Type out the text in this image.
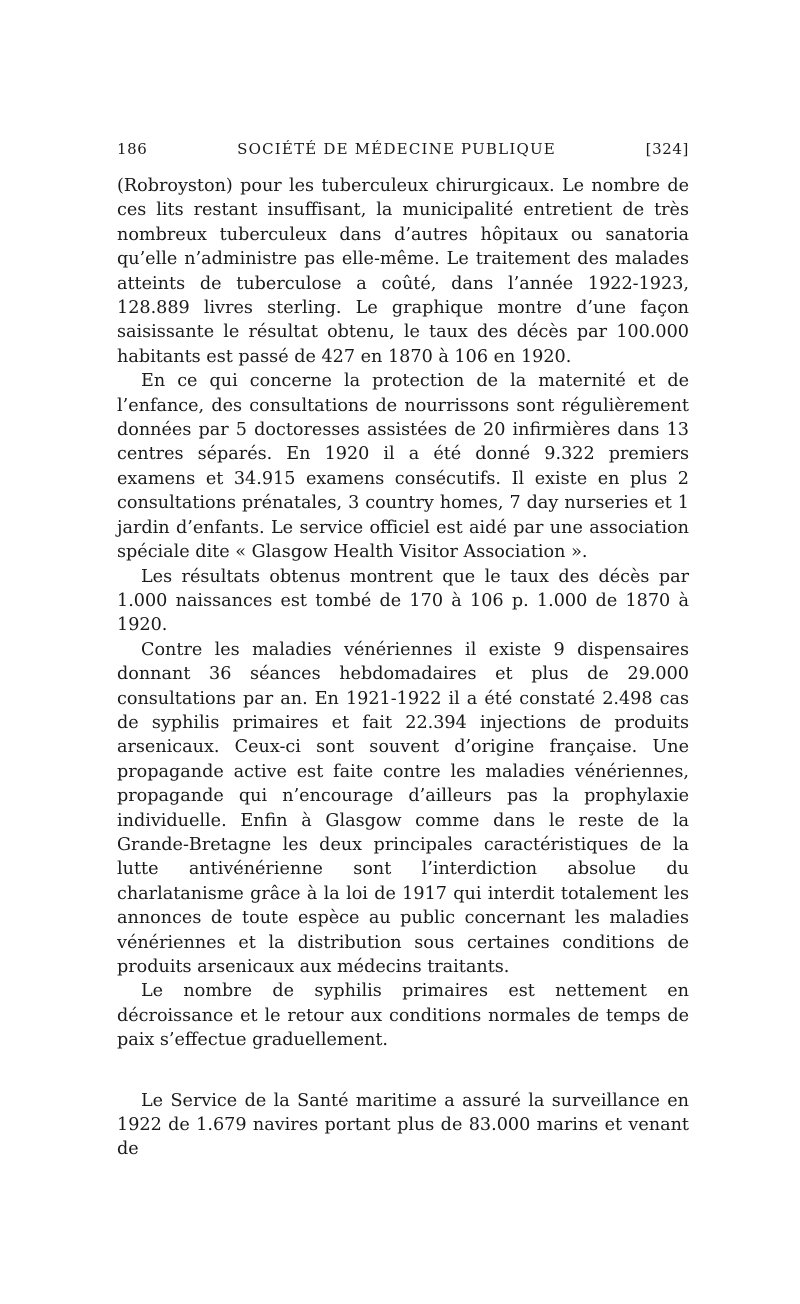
186	SOCIÉTÉ DE MÉDECINE PUBLIQUE	[324]

(Robroyston) pour les tuberculeux chirurgicaux. Le nombre de ces lits restant insuffisant, la municipalité entretient de très nombreux tuberculeux dans d’autres hôpitaux ou sanatoria qu’elle n’administre pas elle-même. Le traitement des malades atteints de tuberculose a coûté, dans l’année 1922-1923, 128.889 livres sterling. Le graphique montre d’une façon saisissante le résultat obtenu, le taux des décès par 100.000 habitants est passé de 427 en 1870 à 106 en 1920.

En ce qui concerne la protection de la maternité et de l’enfance, des consultations de nourrissons sont régulièrement données par 5 doctoresses assistées de 20 infirmières dans 13 centres séparés. En 1920 il a été donné 9.322 premiers examens et 34.915 examens consécutifs. Il existe en plus 2 consultations prénatales, 3 country homes, 7 day nurseries et 1 jardin d’enfants. Le service officiel est aidé par une association spéciale dite « Glasgow Health Visitor Association ».

Les résultats obtenus montrent que le taux des décès par 1.000 naissances est tombé de 170 à 106 p. 1.000 de 1870 à 1920.

Contre les maladies vénériennes il existe 9 dispensaires donnant 36 séances hebdomadaires et plus de 29.000 consultations par an. En 1921-1922 il a été constaté 2.498 cas de syphilis primaires et fait 22.394 injections de produits arsenicaux. Ceux-ci sont souvent d’origine française. Une propagande active est faite contre les maladies vénériennes, propagande qui n’encourage d’ailleurs pas la prophylaxie individuelle. Enfin à Glasgow comme dans le reste de la Grande-Bretagne les deux principales caractéristiques de la lutte antivénérienne sont l’interdiction absolue du charlatanisme grâce à la loi de 1917 qui interdit totalement les annonces de toute espèce au public concernant les maladies vénériennes et la distribution sous certaines conditions de produits arsenicaux aux médecins traitants.

Le nombre de syphilis primaires est nettement en décroissance et le retour aux conditions normales de temps de paix s’effectue graduellement.

Le Service de la Santé maritime a assuré la surveillance en 1922 de 1.679 navires portant plus de 83.000 marins et venant de
